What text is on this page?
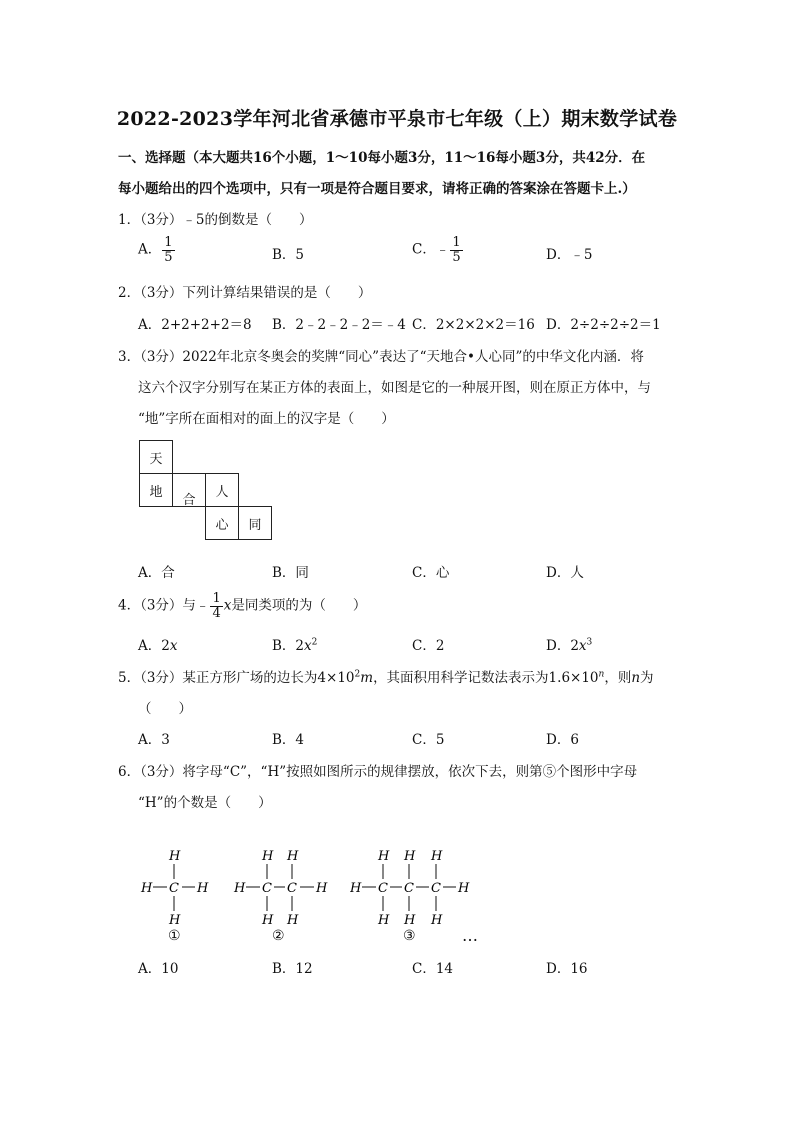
2022-2023学年河北省承德市平泉市七年级（上）期末数学试卷
一、选择题（本大题共16个小题，1～10每小题3分，11～16每小题3分，共42分．在
每小题给出的四个选项中，只有一项是符合题目要求，请将正确的答案涂在答题卡上.）
1．（3分）﹣5的倒数是（　　）
A． $\frac{1}{5}$	B．5	C．﹣ $\frac{1}{5}$	D．﹣5
2．（3分）下列计算结果错误的是（　　）
A．2+2+2+2＝8 B．2﹣2﹣2﹣2＝﹣4 C．2×2×2×2＝16 D．2÷2÷2÷2＝1
3．（3分）2022年北京冬奥会的奖牌“同心”表达了“天地合•人心同”的中华文化内涵．将
这六个汉字分别写在某正方体的表面上，如图是它的一种展开图，则在原正方体中，与
“地”字所在面相对的面上的汉字是（　　）
天
地
合
人
心	同
A．合	B．同	C．心	D．人
4．（3分）与﹣ $\frac{1}{4}$ x是同类项的为（　　）
A．2x	B．$2x^2$	C．2	D．$2x^3$
5．（3分）某正方形广场的边长为$4\times 10^2m$，其面积用科学记数法表示为$1.6\times 10^n$，则n为
（　　）
A．3	B．4	C．5	D．6
6．（3分）将字母“C”，“H”按照如图所示的规律摆放，依次下去，则第⑤个图形中字母
“H”的个数是（　　）
H
H C H
H
①
H H
H C C H
H H
②
H H H
H C C C H
H H H
③	…
A．10	B．12	C．14	D．16
